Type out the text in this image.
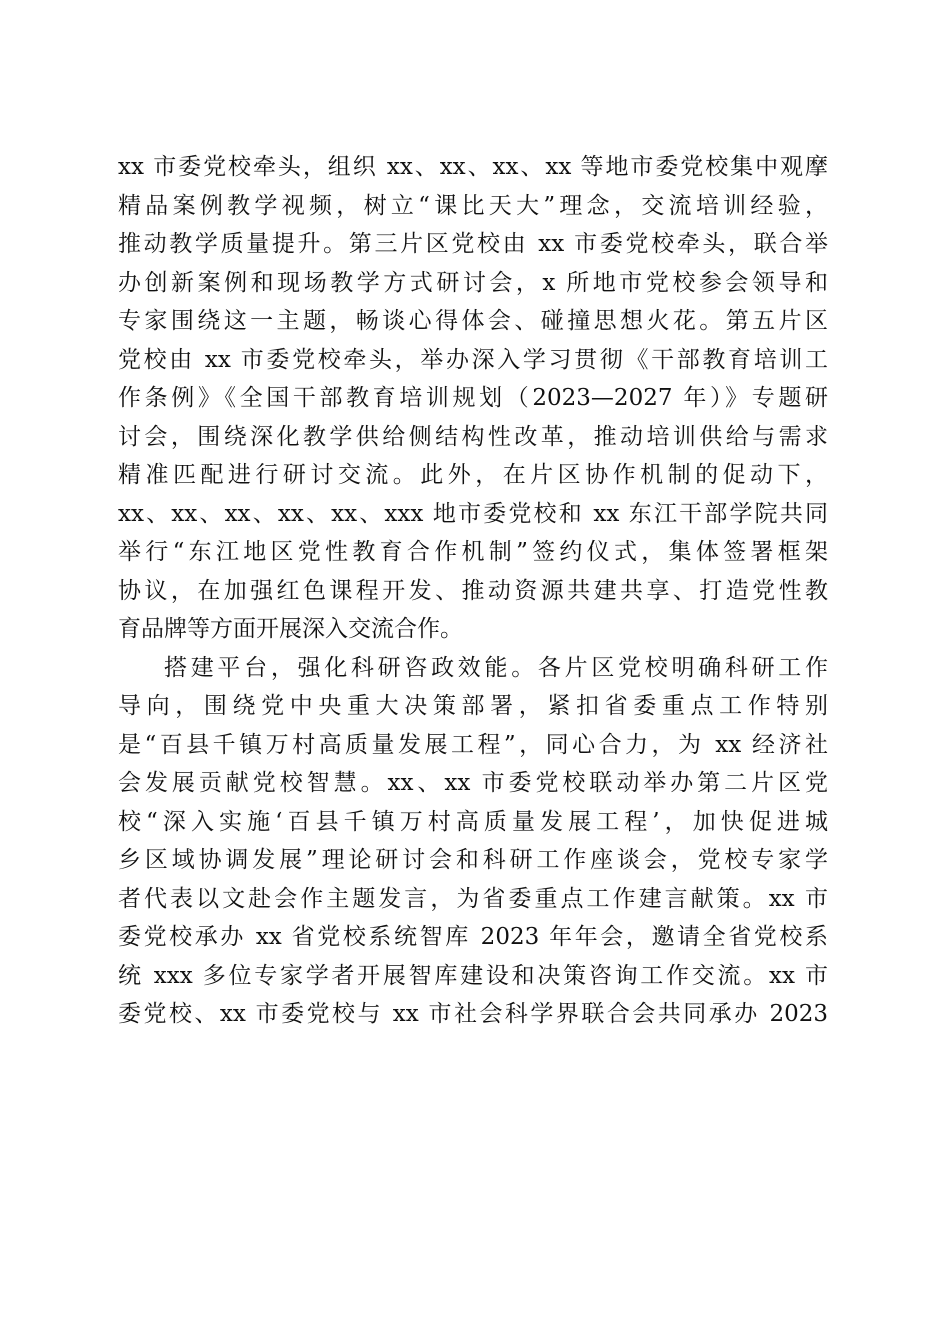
xx 市委党校牵头，组织 xx、xx、xx、xx 等地市委党校集中观摩
精品案例教学视频，树立“课比天大”理念，交流培训经验，
推动教学质量提升。第三片区党校由 xx 市委党校牵头，联合举
办创新案例和现场教学方式研讨会，x 所地市党校参会领导和
专家围绕这一主题，畅谈心得体会、碰撞思想火花。第五片区
党校由 xx 市委党校牵头，举办深入学习贯彻《干部教育培训工
作条例》《全国干部教育培训规划（2023—2027 年）》专题研
讨会，围绕深化教学供给侧结构性改革，推动培训供给与需求
精准匹配进行研讨交流。此外，在片区协作机制的促动下，
xx、xx、xx、xx、xx、xxx 地市委党校和 xx 东江干部学院共同
举行“东江地区党性教育合作机制”签约仪式，集体签署框架
协议，在加强红色课程开发、推动资源共建共享、打造党性教
育品牌等方面开展深入交流合作。
搭建平台，强化科研咨政效能。各片区党校明确科研工作
导向，围绕党中央重大决策部署，紧扣省委重点工作特别
是“百县千镇万村高质量发展工程”，同心合力，为 xx 经济社
会发展贡献党校智慧。xx、xx 市委党校联动举办第二片区党
校“深入实施‘百县千镇万村高质量发展工程’，加快促进城
乡区域协调发展”理论研讨会和科研工作座谈会，党校专家学
者代表以文赴会作主题发言，为省委重点工作建言献策。xx 市
委党校承办 xx 省党校系统智库 2023 年年会，邀请全省党校系
统 xxx 多位专家学者开展智库建设和决策咨询工作交流。xx 市
委党校、xx 市委党校与 xx 市社会科学界联合会共同承办 2023
